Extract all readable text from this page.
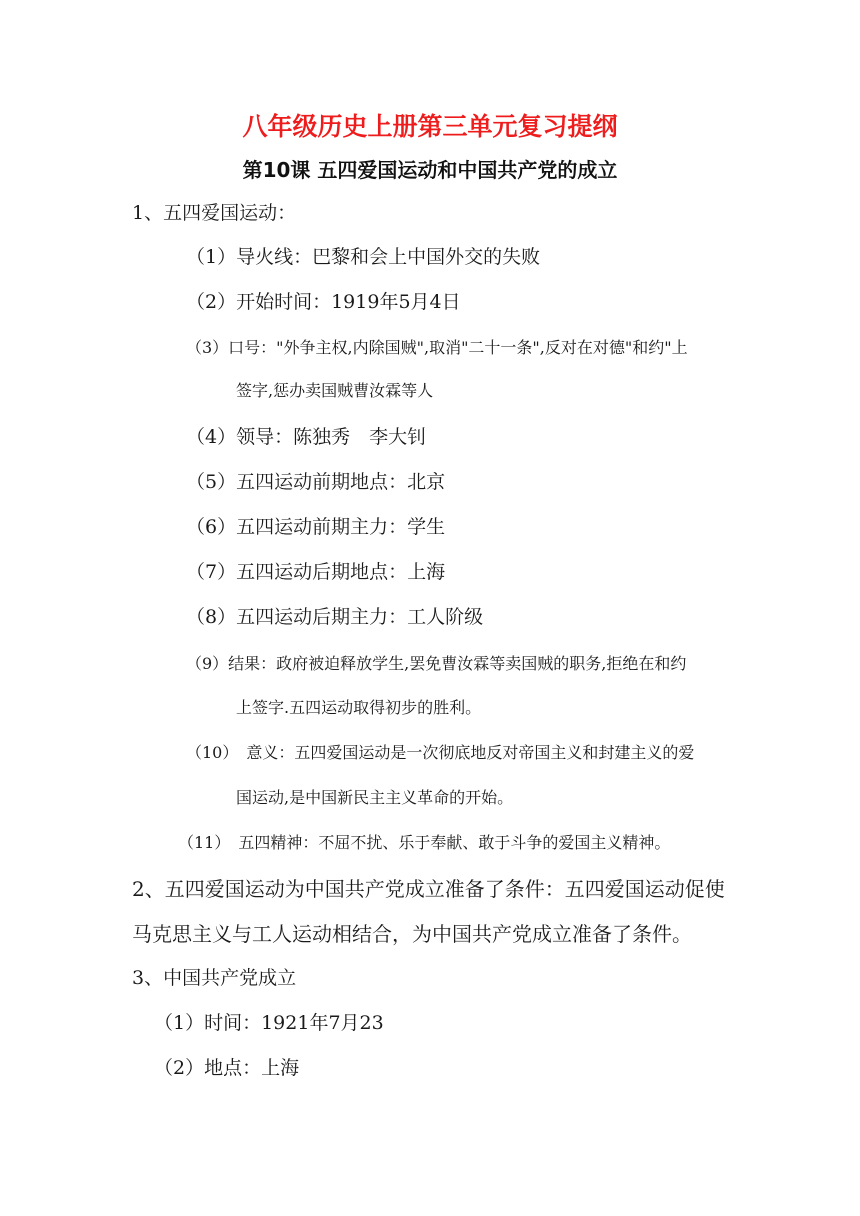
八年级历史上册第三单元复习提纲
第10课 五四爱国运动和中国共产党的成立
1、五四爱国运动：
（1）导火线：巴黎和会上中国外交的失败
（2）开始时间：1919年5月4日
（3）口号："外争主权,内除国贼",取消"二十一条",反对在对德"和约"上
签字,惩办卖国贼曹汝霖等人
（4）领导：陈独秀　李大钊
（5）五四运动前期地点：北京
（6）五四运动前期主力：学生
（7）五四运动后期地点：上海
（8）五四运动后期主力：工人阶级
（9）结果：政府被迫释放学生,罢免曹汝霖等卖国贼的职务,拒绝在和约
上签字.五四运动取得初步的胜利。
（10）　意义：五四爱国运动是一次彻底地反对帝国主义和封建主义的爱
国运动,是中国新民主主义革命的开始。
（11）　五四精神：不屈不扰、乐于奉献、敢于斗争的爱国主义精神。
2、五四爱国运动为中国共产党成立准备了条件：五四爱国运动促使
马克思主义与工人运动相结合，为中国共产党成立准备了条件。
3、中国共产党成立
（1）时间：1921年7月23
（2）地点：上海
